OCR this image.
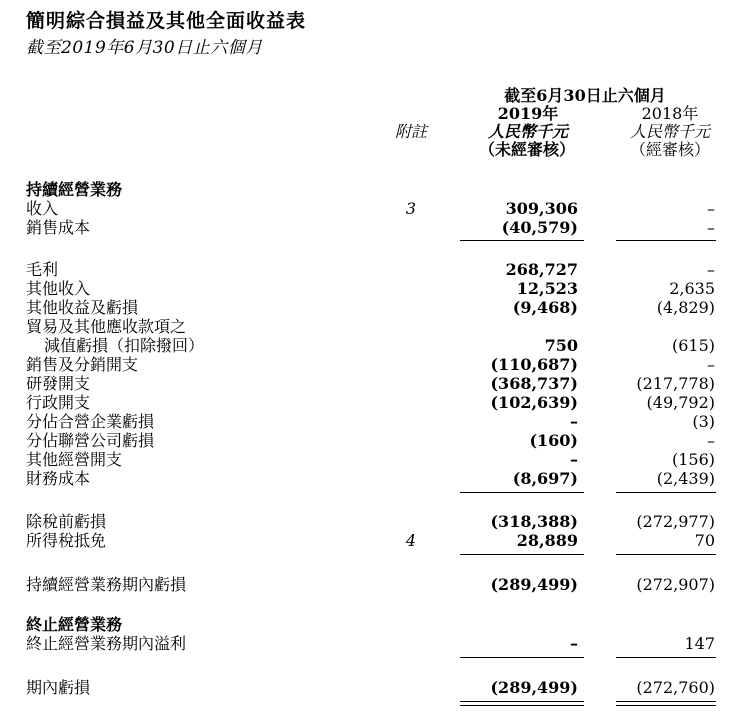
簡明綜合損益及其他全面收益表
截至2019年6月30日止六個月
截至6月30日止六個月
2019年	2018年
附註	人民幣千元	人民幣千元
（未經審核）	（經審核）
持續經營業務
收入	3	309,306	–
銷售成本	(40,579)	–
毛利	268,727	–
其他收入	12,523	2,635
其他收益及虧損	(9,468)	(4,829)
貿易及其他應收款項之
減值虧損（扣除撥回）	750	(615)
銷售及分銷開支	(110,687)	–
研發開支	(368,737)	(217,778)
行政開支	(102,639)	(49,792)
分佔合營企業虧損	–	(3)
分佔聯營公司虧損	(160)	–
其他經營開支	–	(156)
財務成本	(8,697)	(2,439)
除稅前虧損	(318,388)	(272,977)
所得稅抵免	4	28,889	70
持續經營業務期內虧損	(289,499)	(272,907)
終止經營業務
終止經營業務期內溢利	–	147
期內虧損	(289,499)	(272,760)
